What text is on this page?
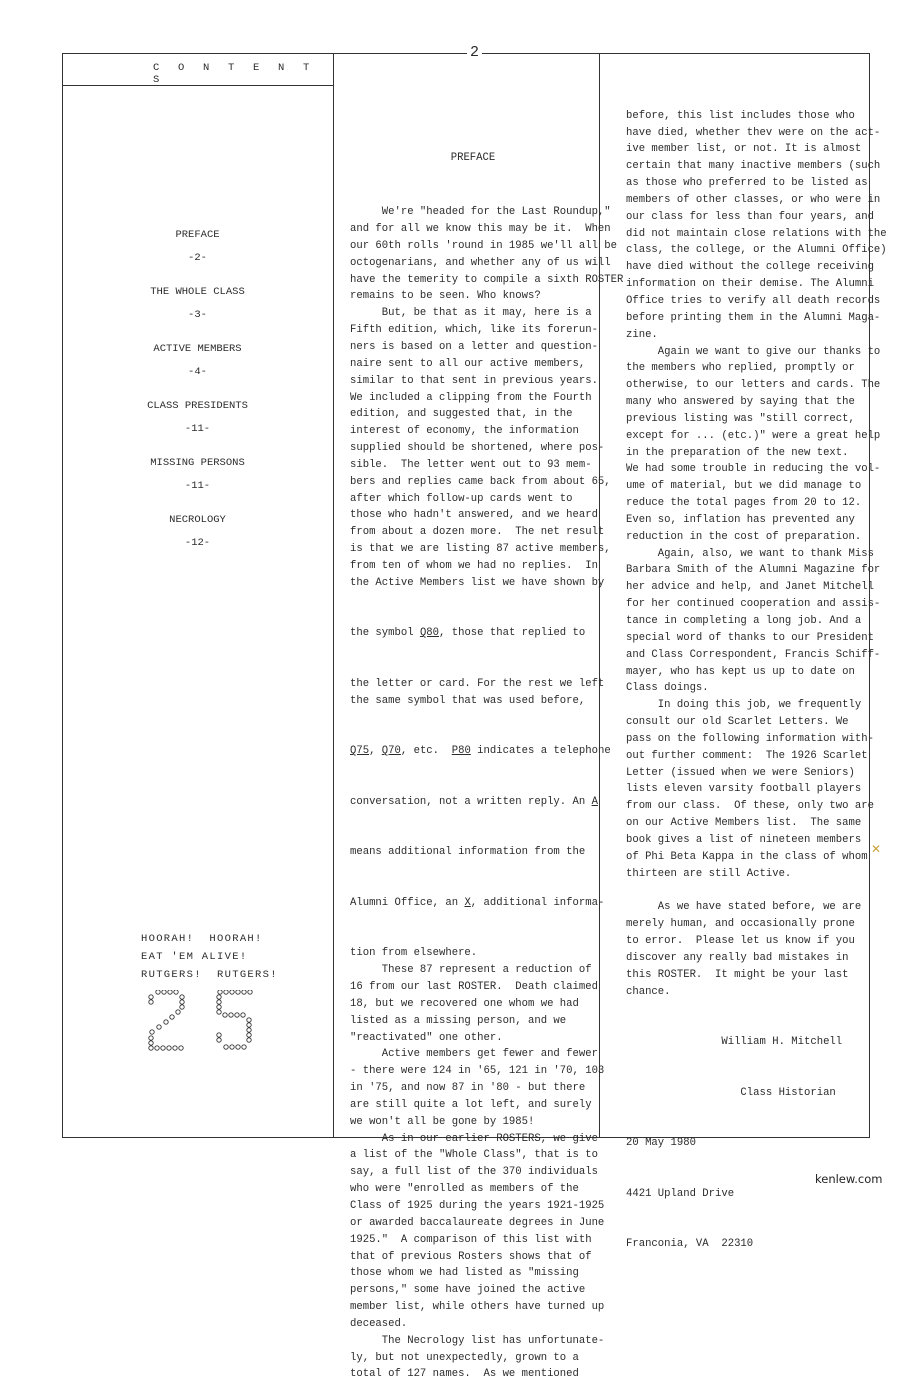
2
C O N T E N T S
PREFACE
-2-
THE WHOLE CLASS
-3-
ACTIVE MEMBERS
-4-
CLASS PRESIDENTS
-11-
MISSING PERSONS
-11-
NECROLOGY
-12-
HOORAH!  HOORAH!
EAT 'EM ALIVE!
RUTGERS!  RUTGERS!

PREFACE

We're "headed for the Last Roundup,"

and for all we know this may be it.  When

our 60th rolls 'round in 1985 we'll all be

octogenarians, and whether any of us will

have the temerity to compile a sixth ROSTER

remains to be seen. Who knows?

But, be that as it may, here is a

Fifth edition, which, like its forerun-

ners is based on a letter and question-

naire sent to all our active members,

similar to that sent in previous years.

We included a clipping from the Fourth

edition, and suggested that, in the

interest of economy, the information

supplied should be shortened, where pos-

sible.  The letter went out to 93 mem-

bers and replies came back from about 65,

after which follow-up cards went to

those who hadn't answered, and we heard

from about a dozen more.  The net result

is that we are listing 87 active members,

from ten of whom we had no replies.  In

the Active Members list we have shown by

the symbol Q80, those that replied to

the letter or card. For the rest we left

the same symbol that was used before,

Q75, Q70, etc.  P80 indicates a telephone

conversation, not a written reply. An A

means additional information from the

Alumni Office, an X, additional informa-

tion from elsewhere.

These 87 represent a reduction of

16 from our last ROSTER.  Death claimed

18, but we recovered one whom we had

listed as a missing person, and we

"reactivated" one other.

Active members get fewer and fewer

- there were 124 in '65, 121 in '70, 103

in '75, and now 87 in '80 - but there

are still quite a lot left, and surely

we won't all be gone by 1985!

As in our earlier ROSTERS, we give

a list of the "Whole Class", that is to

say, a full list of the 370 individuals

who were "enrolled as members of the

Class of 1925 during the years 1921-1925

or awarded baccalaureate degrees in June

1925."  A comparison of this list with

that of previous Rosters shows that of

those whom we had listed as "missing

persons," some have joined the active

member list, while others have turned up

deceased.

The Necrology list has unfortunate-

ly, but not unexpectedly, grown to a

total of 127 names.  As we mentioned

before, this list includes those who

have died, whether thev were on the act-

ive member list, or not. It is almost

certain that many inactive members (such

as those who preferred to be listed as

members of other classes, or who were in

our class for less than four years, and

did not maintain close relations with the

class, the college, or the Alumni Office)

have died without the college receiving

information on their demise. The Alumni

Office tries to verify all death records

before printing them in the Alumni Maga-

zine.

Again we want to give our thanks to

the members who replied, promptly or

otherwise, to our letters and cards. The

many who answered by saying that the

previous listing was "still correct,

except for ... (etc.)" were a great help

in the preparation of the new text.

We had some trouble in reducing the vol-

ume of material, but we did manage to

reduce the total pages from 20 to 12.

Even so, inflation has prevented any

reduction in the cost of preparation.

Again, also, we want to thank Miss

Barbara Smith of the Alumni Magazine for

her advice and help, and Janet Mitchell

for her continued cooperation and assis-

tance in completing a long job. And a

special word of thanks to our President

and Class Correspondent, Francis Schiff-

mayer, who has kept us up to date on

Class doings.

In doing this job, we frequently

consult our old Scarlet Letters. We

pass on the following information with-

out further comment:  The 1926 Scarlet

Letter (issued when we were Seniors)

lists eleven varsity football players

from our class.  Of these, only two are

on our Active Members list.  The same

book gives a list of nineteen members

of Phi Beta Kappa in the class of whom

thirteen are still Active.

As we have stated before, we are

merely human, and occasionally prone

to error.  Please let us know if you

discover any really bad mistakes in

this ROSTER.  It might be your last

chance.

William H. Mitchell

Class Historian

20 May 1980

4421 Upland Drive

Franconia, VA  22310

✕
kenlew.com
